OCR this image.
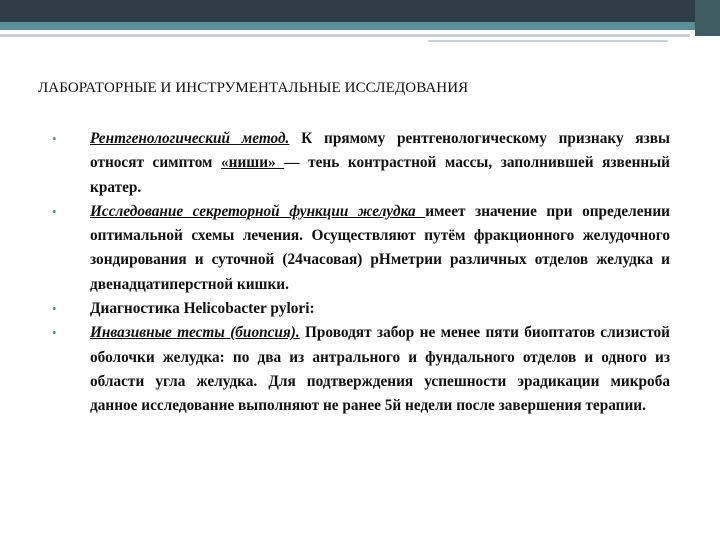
ЛАБОРАТОРНЫЕ И ИНСТРУМЕНТАЛЬНЫЕ ИССЛЕДОВАНИЯ
•	Рентгенологический метод. К прямому рентгенологическому признаку язвы относят симптом «ниши» — тень контрастной массы, заполнившей язвенный кратер.
•	Исследование секреторной функции желудка имеет значение при определении оптимальной схемы лечения. Осуществляют путём фракционного желудочного зондирования и суточной (24часовая) рНметрии различных отделов желудка и двенадцатиперстной кишки.
•	Диагностика Helicobacter pylori:
•	Инвазивные тесты (биопсия). Проводят забор не менее пяти биоптатов слизистой оболочки желудка: по два из антрального и фундального отделов и одного из области угла желудка. Для подтверждения успешности эрадикации микроба данное исследование выполняют не ранее 5й недели после завершения терапии.
